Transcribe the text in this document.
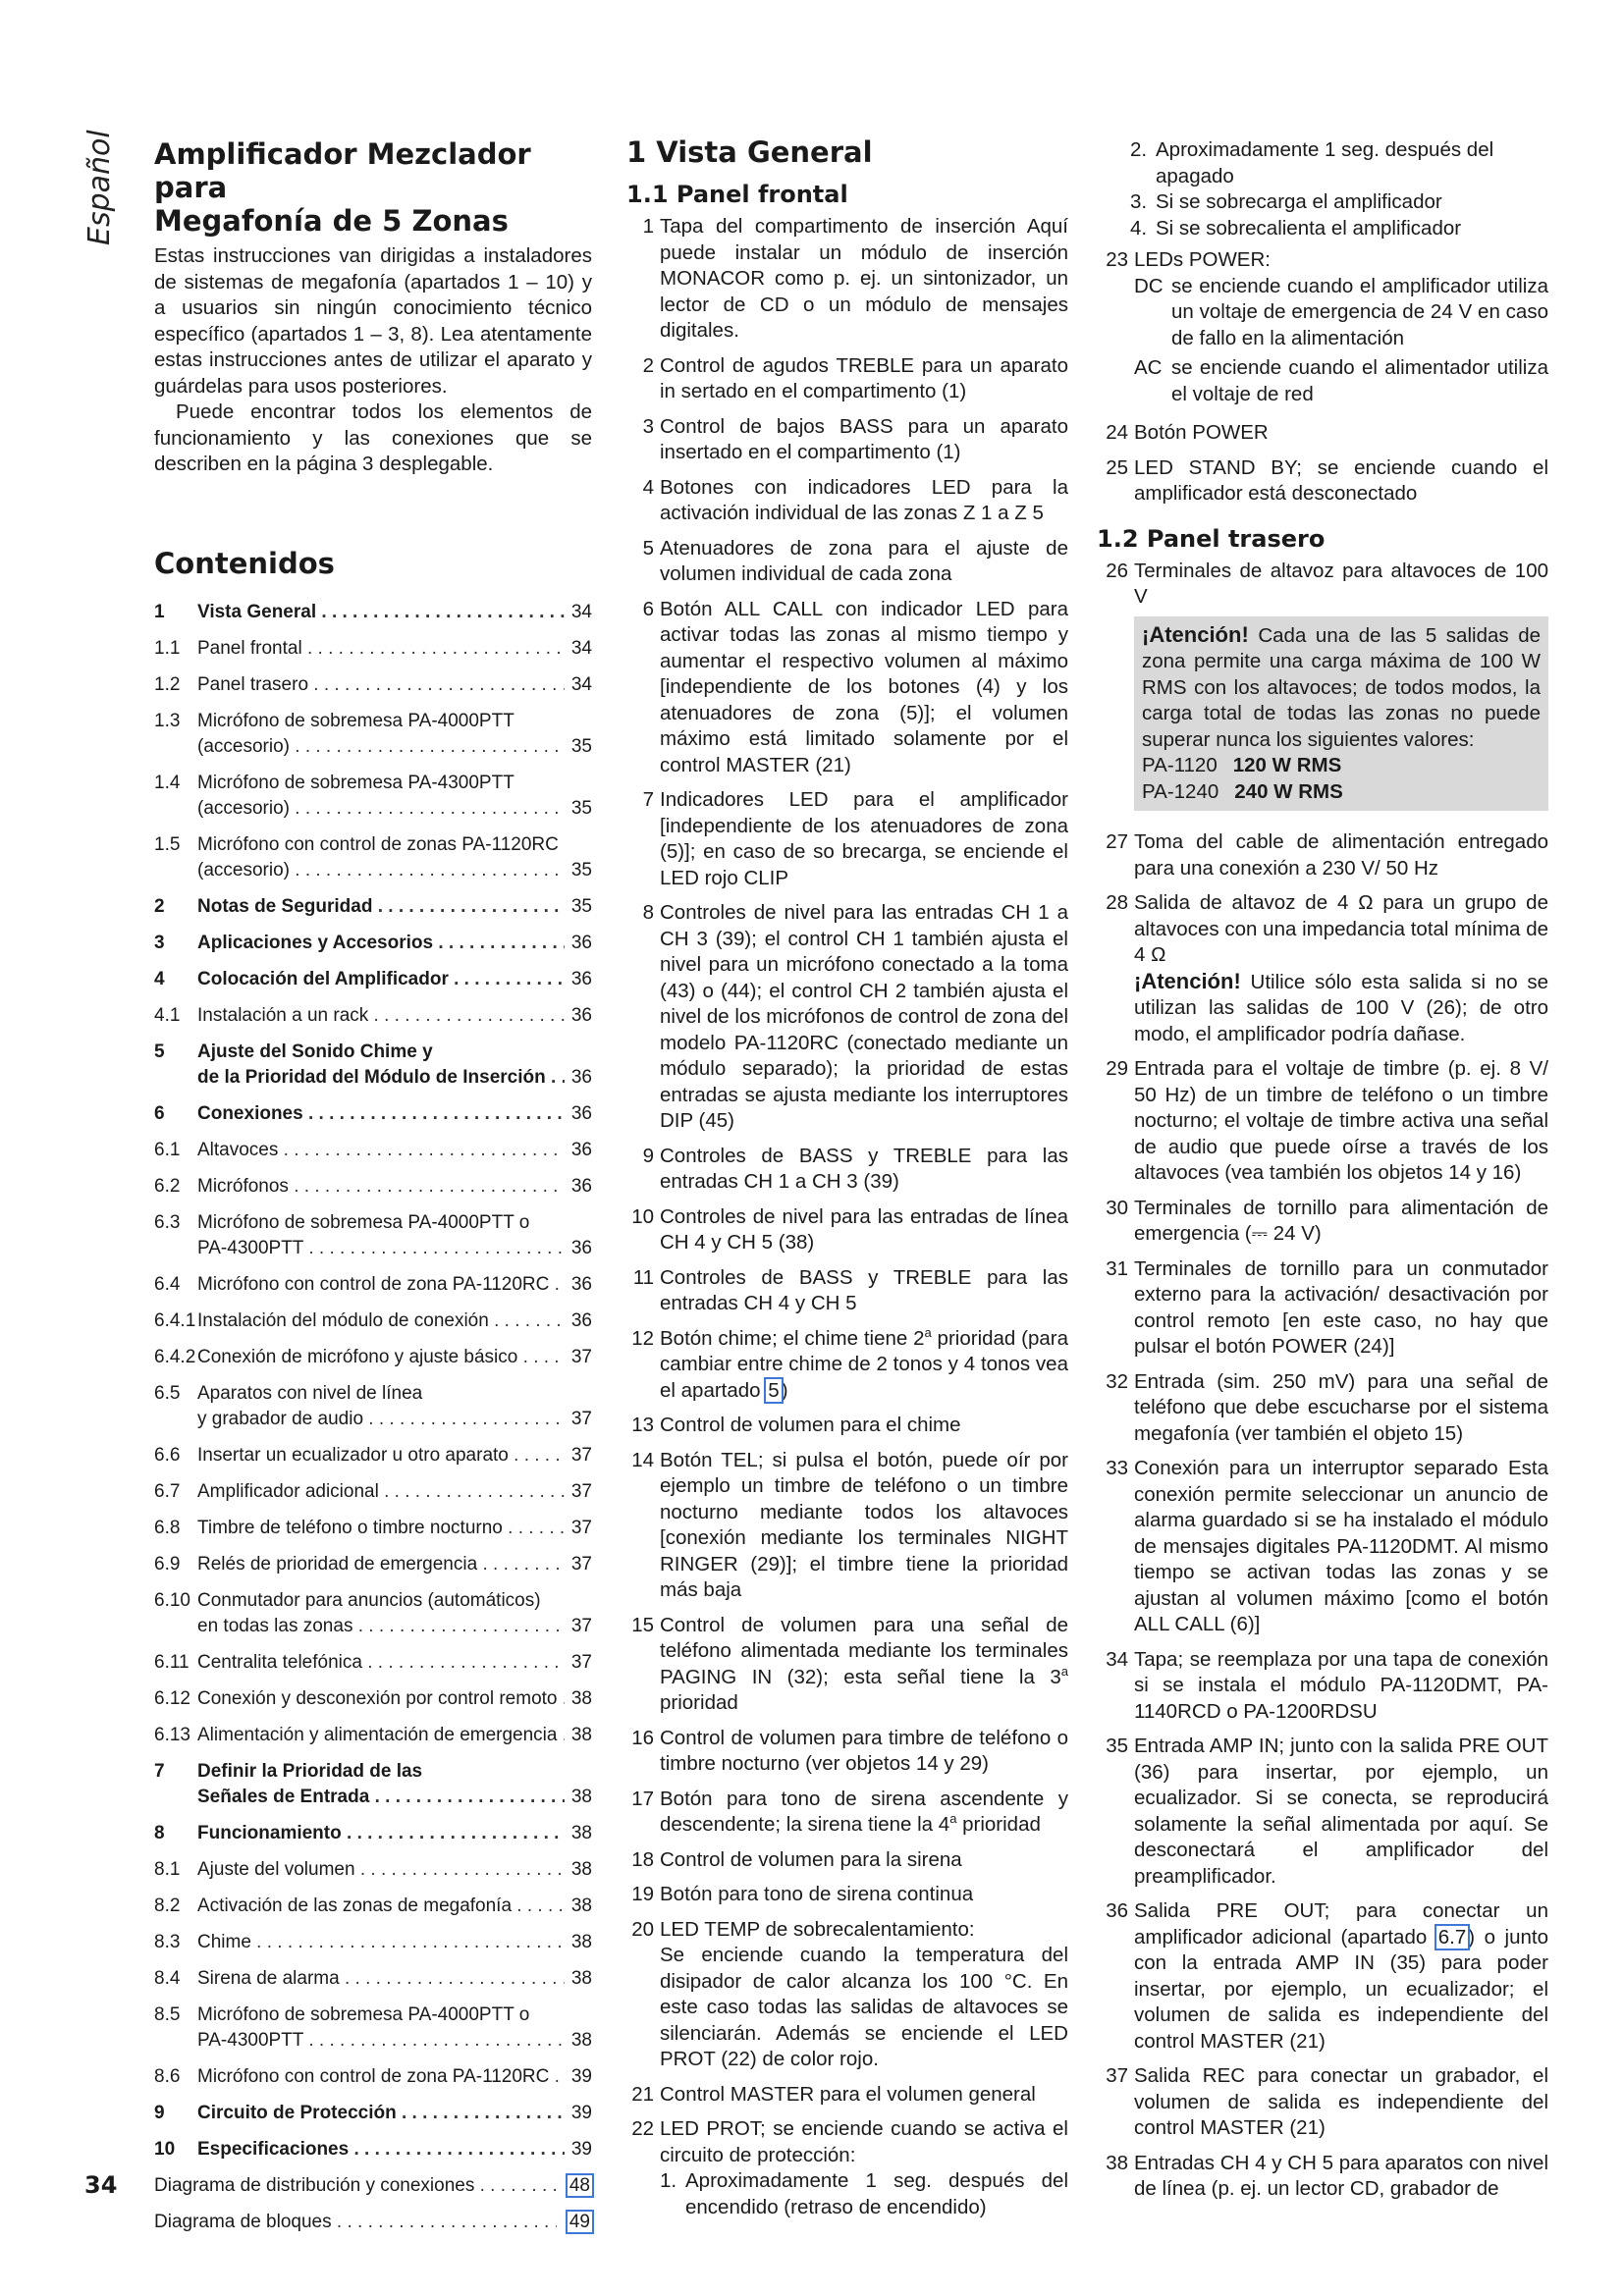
Español Amplificador Mezclador para
Megafonía de 5 Zonas

Estas instrucciones van dirigidas a instaladores de sistemas de megafonía (apartados 1 – 10) y a usuarios sin ningún conocimiento técnico específico (apartados 1 – 3, 8). Lea atentamente estas instrucciones antes de utilizar el aparato y guárdelas para usos posteriores.

Puede encontrar todos los elementos de funcionamiento y las conexiones que se describen en la página 3 desplegable.

Contenidos
1	Vista General . . .	34
1.1 Panel frontal . . .	34
1.2 Panel trasero . . .	34
1.3 Micrófono de sobremesa PA-4000PTT
(accesorio) . . .	35
1.4 Micrófono de sobremesa PA-4300PTT
(accesorio) . . .	35
1.5 Micrófono con control de zonas PA-1120RC
(accesorio) . . .	35
2	Notas de Seguridad . . .	35
3	Aplicaciones y Accesorios . . .	36
4	Colocación del Amplificador . . .	36
4.1 Instalación a un rack . . .	36
5	Ajuste del Sonido Chime y
de la Prioridad del Módulo de Inserción . . .	36
6	Conexiones . . .	36
6.1 Altavoces . . .	36
6.2 Micrófonos . . .	36
6.3 Micrófono de sobremesa PA-4000PTT o
PA-4300PTT . . .	36
6.4 Micrófono con control de zona PA-1120RC . . .	36
6.4.1 Instalación del módulo de conexión . . .	36
6.4.2 Conexión de micrófono y ajuste básico . . .	37
6.5 Aparatos con nivel de línea
y grabador de audio . . .	37
6.6 Insertar un ecualizador u otro aparato . . .	37
6.7 Amplificador adicional . . .	37
6.8 Timbre de teléfono o timbre nocturno . . .	37
6.9 Relés de prioridad de emergencia . . .	37
6.10 Conmutador para anuncios (automáticos)
en todas las zonas . . .	37
6.11 Centralita telefónica . . .	37
6.12 Conexión y desconexión por control remoto . . . 38
6.13 Alimentación y alimentación de emergencia . . . 38
7	Definir la Prioridad de las
Señales de Entrada . . .	38
8	Funcionamiento . . .	38
8.1 Ajuste del volumen . . .	38
8.2 Activación de las zonas de megafonía . . .	38
8.3 Chime . . .	38
8.4 Sirena de alarma . . .	38
8.5 Micrófono de sobremesa PA-4000PTT o
PA-4300PTT . . .	38
8.6 Micrófono con control de zona PA-1120RC . . .	39
9	Circuito de Protección . . .	39
10	Especificaciones . . .	39
Diagrama de distribución y conexiones . . .	48
Diagrama de bloques . . .	49
1 Vista General
1.1 Panel frontal
1 Tapa del compartimento de inserción Aquí puede instalar un módulo de inserción MONACOR como p. ej. un sintonizador, un lector de CD o un módulo de mensajes digitales.
2 Control de agudos TREBLE para un aparato in sertado en el compartimento (1)
3 Control de bajos BASS para un aparato insertado en el compartimento (1)
4 Botones con indicadores LED para la activación individual de las zonas Z 1 a Z 5
5 Atenuadores de zona para el ajuste de volumen individual de cada zona
6 Botón ALL CALL con indicador LED para activar todas las zonas al mismo tiempo y aumentar el respectivo volumen al máximo [independiente de los botones (4) y los atenuadores de zona (5)]; el volumen máximo está limitado solamente por el control MASTER (21)
7 Indicadores LED para el amplificador [independiente de los atenuadores de zona (5)]; en caso de so brecarga, se enciende el LED rojo CLIP
8 Controles de nivel para las entradas CH 1 a CH 3 (39); el control CH 1 también ajusta el nivel para un micrófono conectado a la toma (43) o (44); el control CH 2 también ajusta el nivel de los micrófonos de control de zona del modelo PA-1120RC (conectado mediante un módulo separado); la prioridad de estas entradas se ajusta mediante los interruptores DIP (45)
9 Controles de BASS y TREBLE para las entradas CH 1 a CH 3 (39)
10 Controles de nivel para las entradas de línea CH 4 y CH 5 (38)
11 Controles de BASS y TREBLE para las entradas CH 4 y CH 5
12 Botón chime; el chime tiene 2$^a$ prioridad (para cambiar entre chime de 2 tonos y 4 tonos vea el apartado 5)
13 Control de volumen para el chime
14 Botón TEL; si pulsa el botón, puede oír por ejemplo un timbre de teléfono o un timbre nocturno mediante todos los altavoces [conexión mediante los terminales NIGHT RINGER (29)]; el timbre tiene la prioridad más baja
15 Control de volumen para una señal de teléfono alimentada mediante los terminales PAGING IN (32); esta señal tiene la 3$^a$ prioridad
16 Control de volumen para timbre de teléfono o timbre nocturno (ver objetos 14 y 29)
17 Botón para tono de sirena ascendente y descendente; la sirena tiene la 4$^a$ prioridad
18 Control de volumen para la sirena
19 Botón para tono de sirena continua
20 LED TEMP de sobrecalentamiento:
Se enciende cuando la temperatura del disipador de calor alcanza los 100 °C. En este caso todas las salidas de altavoces se silenciarán. Además se enciende el LED PROT (22) de color rojo.
21 Control MASTER para el volumen general
22 LED PROT; se enciende cuando se activa el circuito de protección:
1. Aproximadamente 1 seg. después del encendido (retraso de encendido)
2. Aproximadamente 1 seg. después del apagado
3. Si se sobrecarga el amplificador
4. Si se sobrecalienta el amplificador
23 LEDs POWER:
DC se enciende cuando el amplificador utiliza un voltaje de emergencia de 24 V en caso de fallo en la alimentación
AC se enciende cuando el alimentador utiliza el voltaje de red
24 Botón POWER
25 LED STAND BY; se enciende cuando el amplificador está desconectado
1.2 Panel trasero
26 Terminales de altavoz para altavoces de 100 V
¡Atención! Cada una de las 5 salidas de zona permite una carga máxima de 100 W RMS con los altavoces; de todos modos, la carga total de todas las zonas no puede superar nunca los siguientes valores:
PA-1120 120 W RMS
PA-1240 240 W RMS
27 Toma del cable de alimentación entregado para una conexión a 230 V/ 50 Hz
28 Salida de altavoz de 4 Ω para un grupo de altavoces con una impedancia total mínima de 4 Ω
¡Atención! Utilice sólo esta salida si no se utilizan las salidas de 100 V (26); de otro modo, el amplificador podría dañase.
29 Entrada para el voltaje de timbre (p. ej. 8 V/ 50 Hz) de un timbre de teléfono o un timbre nocturno; el voltaje de timbre activa una señal de audio que puede oírse a través de los altavoces (vea también los objetos 14 y 16)
30 Terminales de tornillo para alimentación de emergencia (⎓ 24 V)
31 Terminales de tornillo para un conmutador externo para la activación/ desactivación por control remoto [en este caso, no hay que pulsar el botón POWER (24)]
32 Entrada (sim. 250 mV) para una señal de teléfono que debe escucharse por el sistema megafonía (ver también el objeto 15)
33 Conexión para un interruptor separado Esta conexión permite seleccionar un anuncio de alarma guardado si se ha instalado el módulo de mensajes digitales PA-1120DMT. Al mismo tiempo se activan todas las zonas y se ajustan al volumen máximo [como el botón ALL CALL (6)]
34 Tapa; se reemplaza por una tapa de conexión si se instala el módulo PA-1120DMT, PA-1140RCD o PA-1200RDSU
35 Entrada AMP IN; junto con la salida PRE OUT (36) para insertar, por ejemplo, un ecualizador. Si se conecta, se reproducirá solamente la señal alimentada por aquí. Se desconectará el amplificador del preamplificador.
36 Salida PRE OUT; para conectar un amplificador adicional (apartado 6.7) o junto con la entrada AMP IN (35) para poder insertar, por ejemplo, un ecualizador; el volumen de salida es independiente del control MASTER (21)
37 Salida REC para conectar un grabador, el volumen de salida es independiente del control MASTER (21)
38 Entradas CH 4 y CH 5 para aparatos con nivel de línea (p. ej. un lector CD, grabador de
34
